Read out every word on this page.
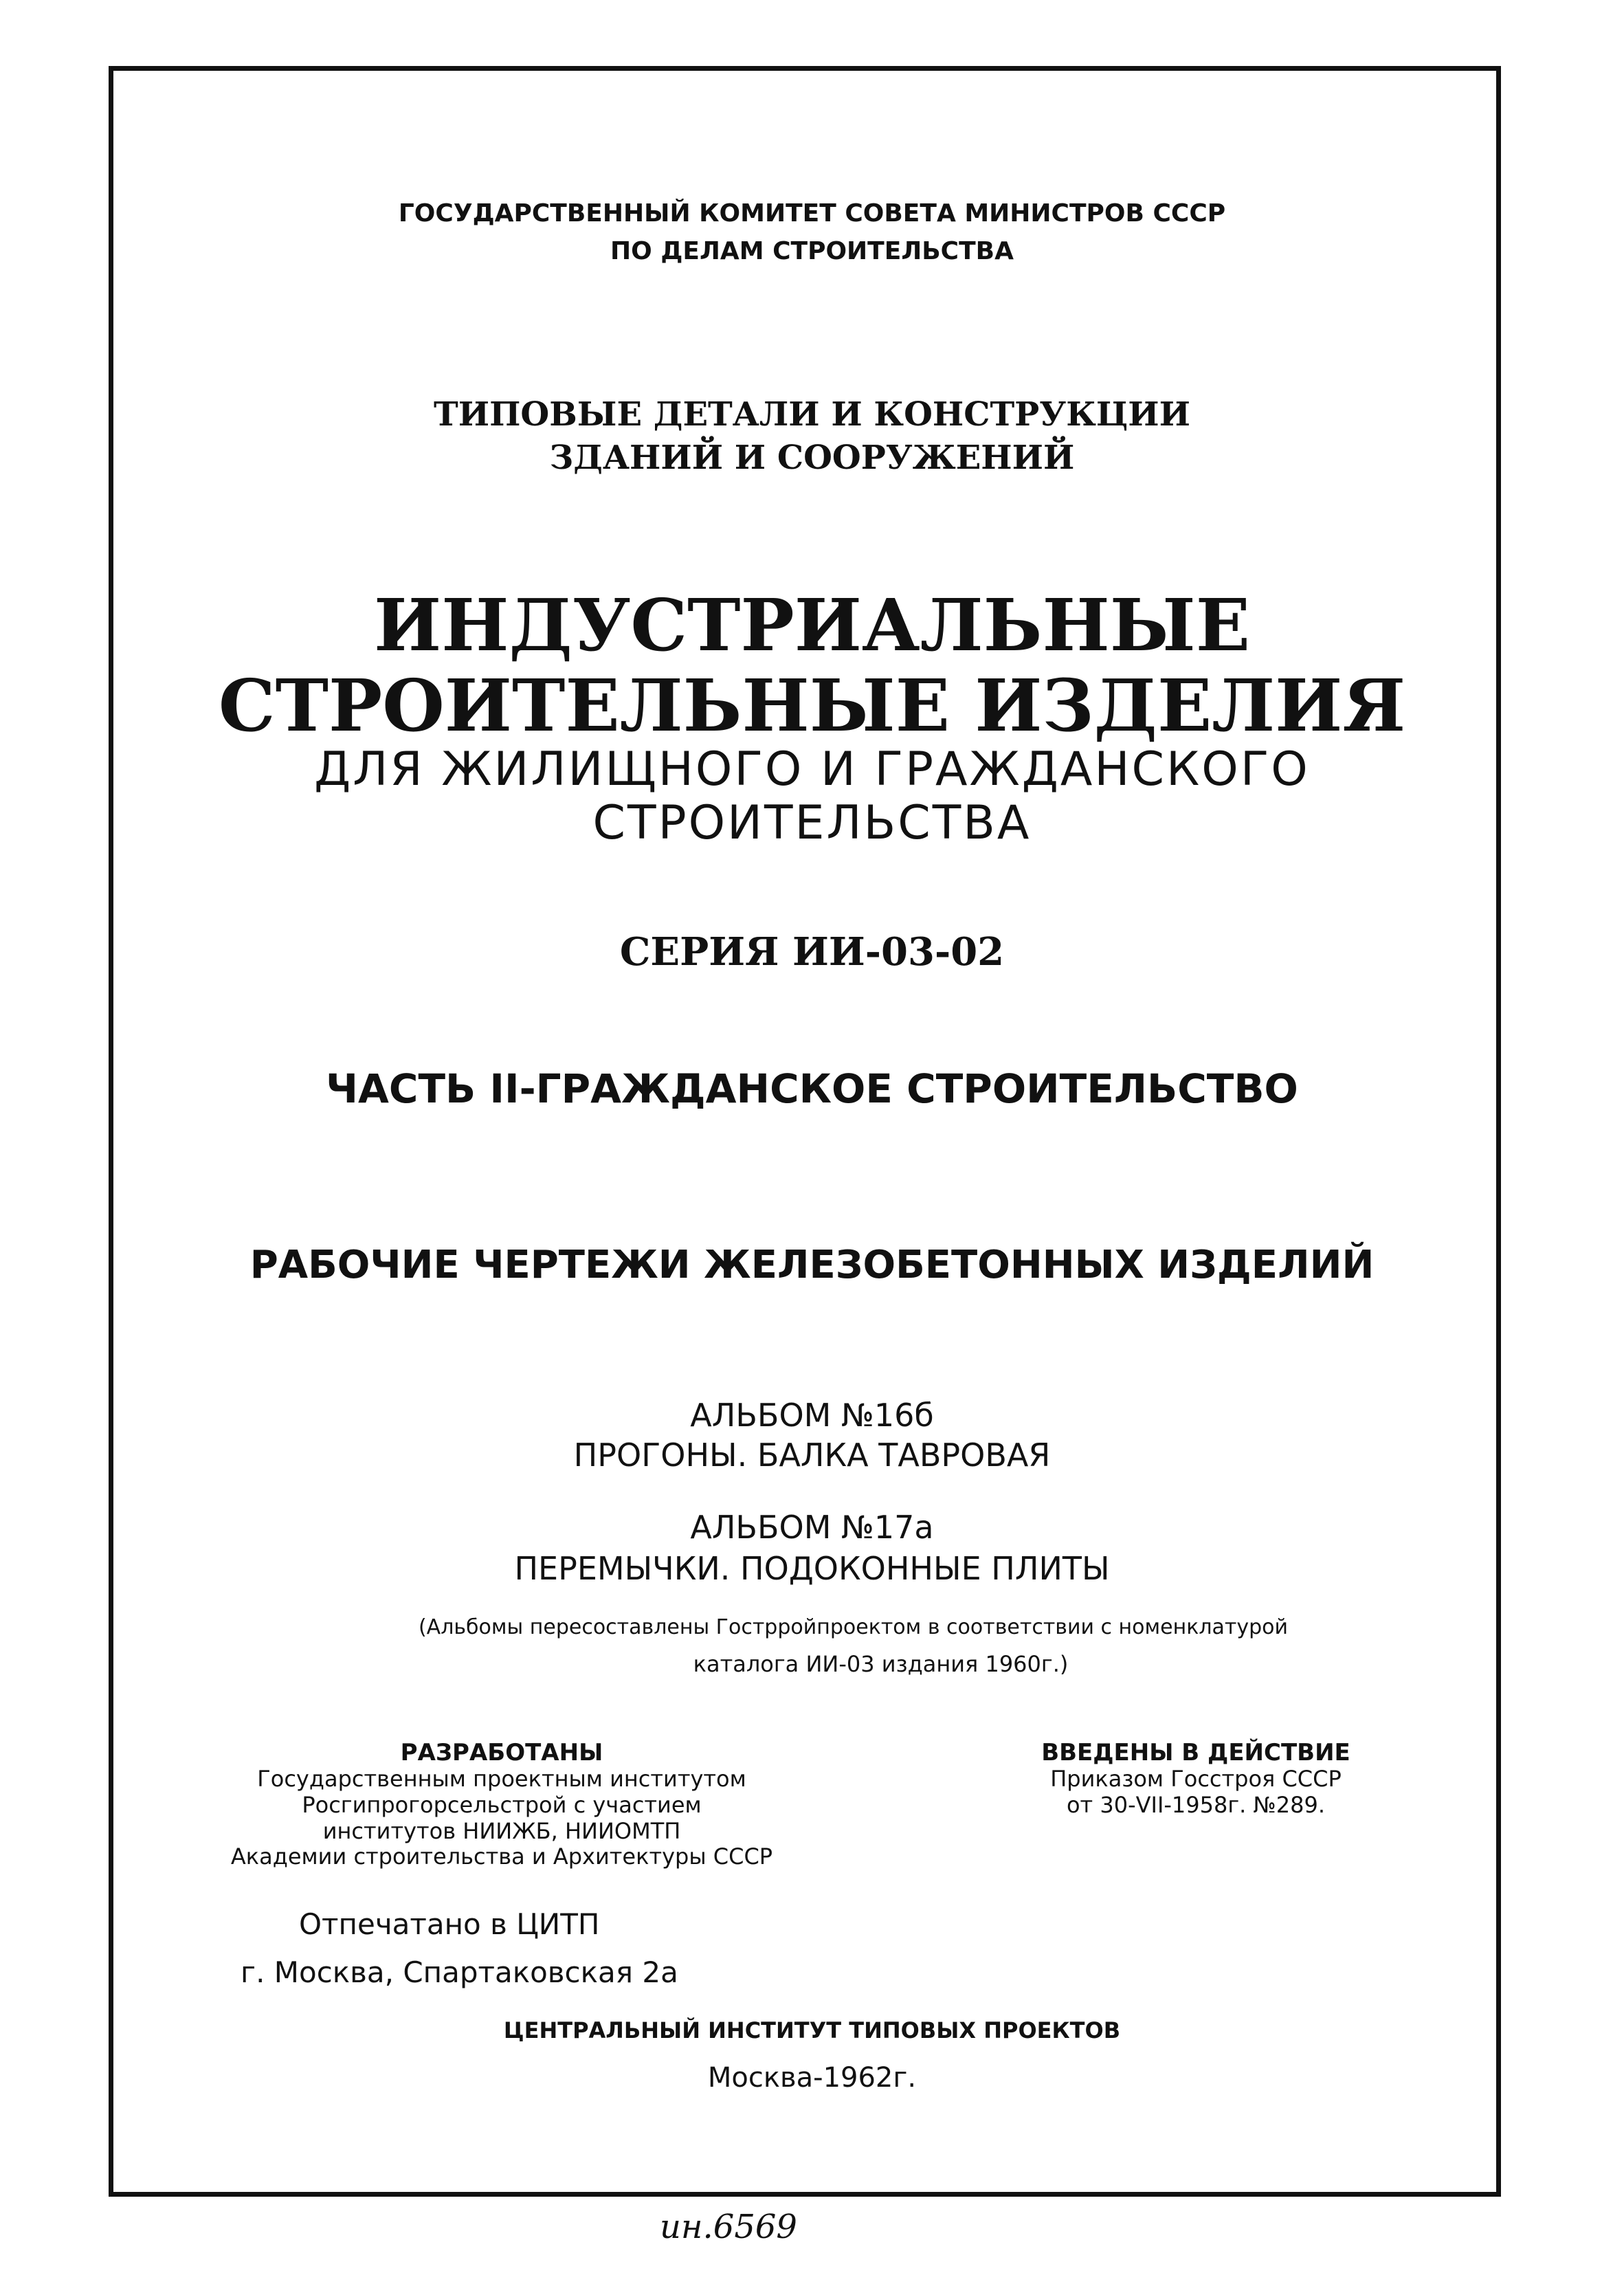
ГОСУДАРСТВЕННЫЙ КОМИТЕТ СОВЕТА МИНИСТРОВ СССР
ПО ДЕЛАМ СТРОИТЕЛЬСТВА
ТИПОВЫЕ ДЕТАЛИ И КОНСТРУКЦИИ
ЗДАНИЙ И СООРУЖЕНИЙ
ИНДУСТРИАЛЬНЫЕ
СТРОИТЕЛЬНЫЕ ИЗДЕЛИЯ
ДЛЯ ЖИЛИЩНОГО И ГРАЖДАНСКОГО
СТРОИТЕЛЬСТВА
СЕРИЯ ИИ-03-02
ЧАСТЬ II-ГРАЖДАНСКОЕ СТРОИТЕЛЬСТВО
РАБОЧИЕ ЧЕРТЕЖИ ЖЕЛЕЗОБЕТОННЫХ ИЗДЕЛИЙ
АЛЬБОМ №16б
ПРОГОНЫ. БАЛКА ТАВРОВАЯ
АЛЬБОМ №17а
ПЕРЕМЫЧКИ. ПОДОКОННЫЕ ПЛИТЫ
(Альбомы пересоставлены Гострройпроектом в соответствии с номенклатурой
каталога ИИ-03 издания 1960г.)
РАЗРАБОТАНЫ
Государственным проектным институтом
Росгипрогорсельстрой с участием
институтов НИИЖБ, НИИОМТП
Академии строительства и Архитектуры СССР
ВВЕДЕНЫ В ДЕЙСТВИЕ
Приказом Госстроя СССР
от 30-VII-1958г. №289.
Отпечатано в ЦИТП
г. Москва, Спартаковская 2а
ЦЕНТРАЛЬНЫЙ ИНСТИТУТ ТИПОВЫХ ПРОЕКТОВ
Москва-1962г.
ин.6569
